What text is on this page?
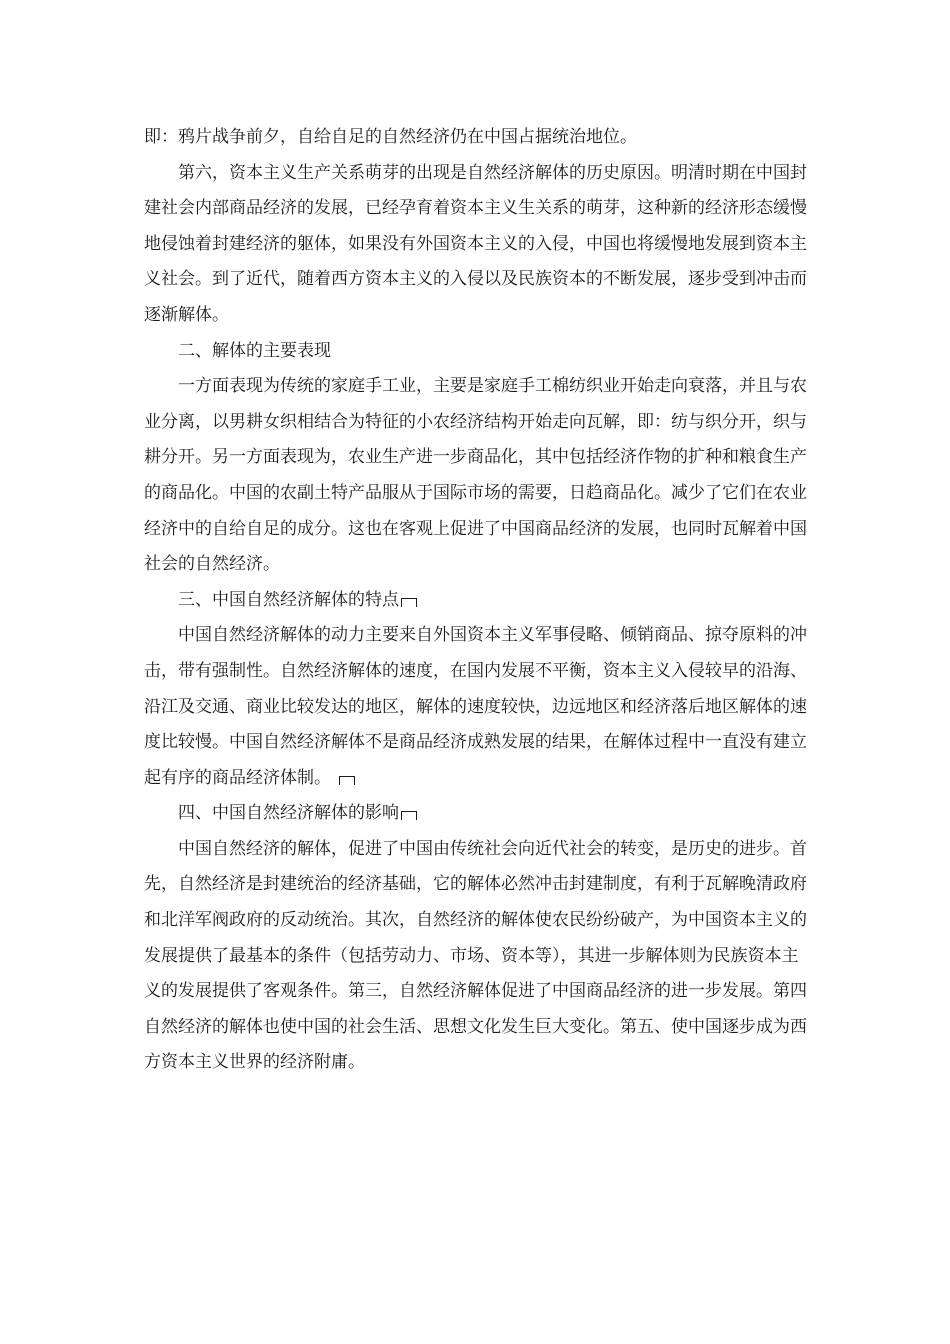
即：鸦片战争前夕，自给自足的自然经济仍在中国占据统治地位。
第六，资本主义生产关系萌芽的出现是自然经济解体的历史原因。明清时期在中国封
建社会内部商品经济的发展，已经孕育着资本主义生关系的萌芽，这种新的经济形态缓慢
地侵蚀着封建经济的躯体，如果没有外国资本主义的入侵，中国也将缓慢地发展到资本主
义社会。到了近代，随着西方资本主义的入侵以及民族资本的不断发展，逐步受到冲击而
逐渐解体。
二、解体的主要表现
一方面表现为传统的家庭手工业，主要是家庭手工棉纺织业开始走向衰落，并且与农
业分离，以男耕女织相结合为特征的小农经济结构开始走向瓦解，即：纺与织分开，织与
耕分开。另一方面表现为，农业生产进一步商品化，其中包括经济作物的扩种和粮食生产
的商品化。中国的农副土特产品服从于国际市场的需要，日趋商品化。减少了它们在农业
经济中的自给自足的成分。这也在客观上促进了中国商品经济的发展，也同时瓦解着中国
社会的自然经济。
三、中国自然经济解体的特点
中国自然经济解体的动力主要来自外国资本主义军事侵略、倾销商品、掠夺原料的冲
击，带有强制性。自然经济解体的速度，在国内发展不平衡，资本主义入侵较早的沿海、
沿江及交通、商业比较发达的地区，解体的速度较快，边远地区和经济落后地区解体的速
度比较慢。中国自然经济解体不是商品经济成熟发展的结果，在解体过程中一直没有建立
起有序的商品经济体制。
四、中国自然经济解体的影响
中国自然经济的解体，促进了中国由传统社会向近代社会的转变，是历史的进步。首
先，自然经济是封建统治的经济基础，它的解体必然冲击封建制度，有利于瓦解晚清政府
和北洋军阀政府的反动统治。其次，自然经济的解体使农民纷纷破产，为中国资本主义的
发展提供了最基本的条件（包括劳动力、市场、资本等），其进一步解体则为民族资本主
义的发展提供了客观条件。第三，自然经济解体促进了中国商品经济的进一步发展。第四
自然经济的解体也使中国的社会生活、思想文化发生巨大变化。第五、使中国逐步成为西
方资本主义世界的经济附庸。
